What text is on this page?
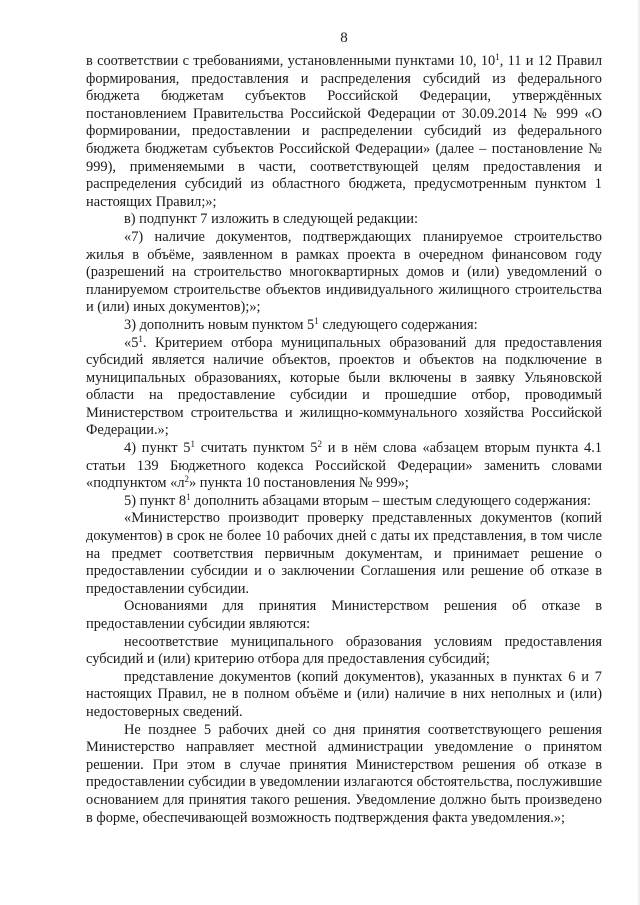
8

в соответствии с требованиями, установленными пунктами 10, $10^1$, 11 и 12 Правил формирования, предоставления и распределения субсидий из федерального бюджета бюджетам субъектов Российской Федерации, утверждённых постановлением Правительства Российской Федерации от 30.09.2014 № 999 «О формировании, предоставлении и распределении субсидий из федерального бюджета бюджетам субъектов Российской Федерации» (далее – постановление № 999), применяемыми в части, соответствующей целям предоставления и распределения субсидий из областного бюджета, предусмотренным пунктом 1 настоящих Правил;»;

в) подпункт 7 изложить в следующей редакции:

«7) наличие документов, подтверждающих планируемое строительство жилья в объёме, заявленном в рамках проекта в очередном финансовом году (разрешений на строительство многоквартирных домов и (или) уведомлений о планируемом строительстве объектов индивидуального жилищного строительства и (или) иных документов);»;

3) дополнить новым пунктом $5^1$ следующего содержания:

«$5^1$. Критерием отбора муниципальных образований для предоставления субсидий является наличие объектов, проектов и объектов на подключение в муниципальных образованиях, которые были включены в заявку Ульяновской области на предоставление субсидии и прошедшие отбор, проводимый Министерством строительства и жилищно-коммунального хозяйства Российской Федерации.»;

4) пункт $5^1$ считать пунктом $5^2$ и в нём слова «абзацем вторым пункта 4.1 статьи 139 Бюджетного кодекса Российской Федерации» заменить словами «подпунктом «$л^2$» пункта 10 постановления № 999»;

5) пункт $8^1$ дополнить абзацами вторым – шестым следующего содержания:

«Министерство производит проверку представленных документов (копий документов) в срок не более 10 рабочих дней с даты их представления, в том числе на предмет соответствия первичным документам, и принимает решение о предоставлении субсидии и о заключении Соглашения или решение об отказе в предоставлении субсидии.

Основаниями для принятия Министерством решения об отказе в предоставлении субсидии являются:

несоответствие муниципального образования условиям предоставления субсидий и (или) критерию отбора для предоставления субсидий;

представление документов (копий документов), указанных в пунктах 6 и 7 настоящих Правил, не в полном объёме и (или) наличие в них неполных и (или) недостоверных сведений.

Не позднее 5 рабочих дней со дня принятия соответствующего решения Министерство направляет местной администрации уведомление о принятом решении. При этом в случае принятия Министерством решения об отказе в предоставлении субсидии в уведомлении излагаются обстоятельства, послужившие основанием для принятия такого решения. Уведомление должно быть произведено в форме, обеспечивающей возможность подтверждения факта уведомления.»;
